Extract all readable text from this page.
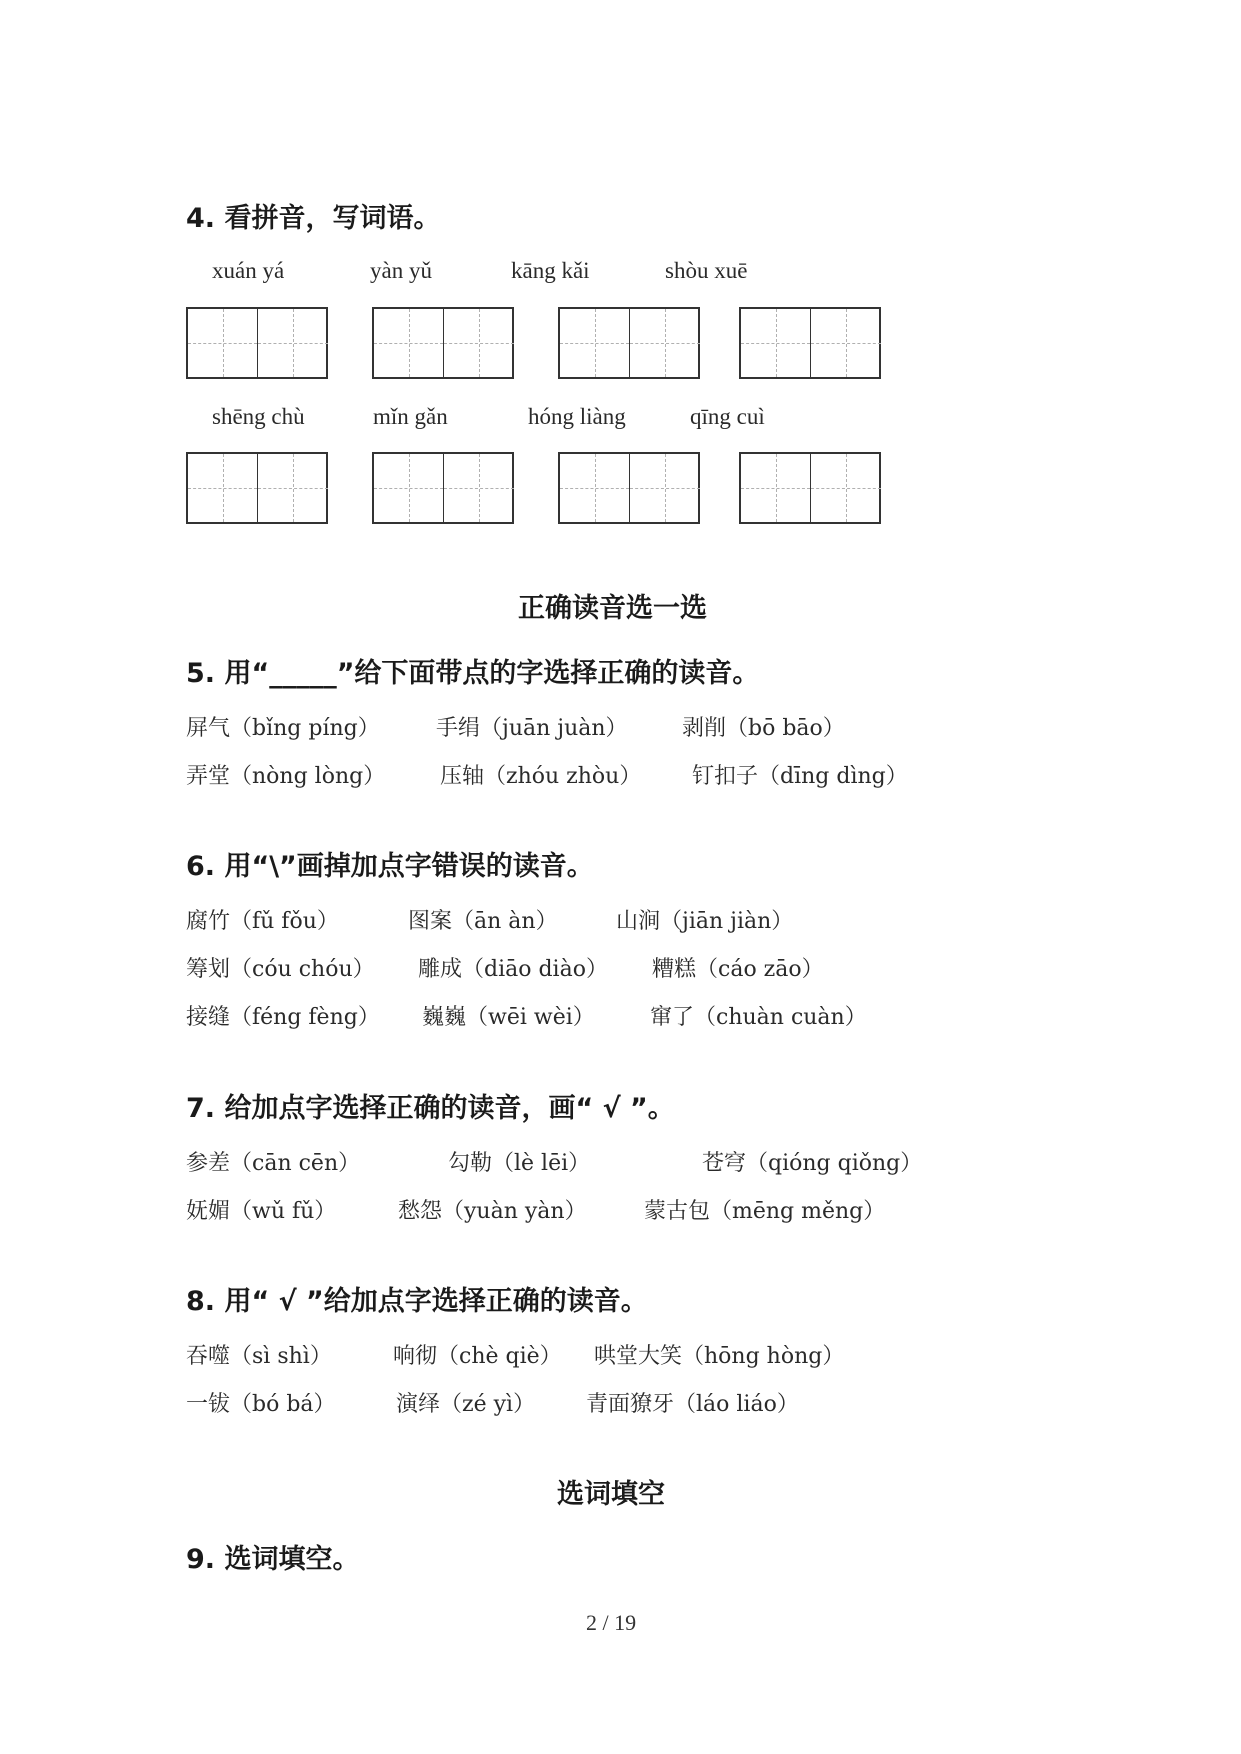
4. 看拼音，写词语。
xuán yá	yàn yǔ	kāng kǎi	shòu xuē
shēng chù	mǐn gǎn	hóng liàng	qīng cuì
正确读音选一选
5. 用“_____”给下面带点的字选择正确的读音。
屏气（bǐng píng）	手绢（juān juàn） 剥削（bō bāo）
弄堂（nòng lòng） 压轴（zhóu zhòu） 钉扣子（dīng dìng）
6. 用“\”画掉加点字错误的读音。
腐竹（fǔ fǒu）	图案（ān àn）	山涧（jiān jiàn）
筹划（cóu chóu） 雕成（diāo diào） 糟糕（cáo zāo）
接缝（féng fèng） 巍巍（wēi wèi）	窜了（chuàn cuàn）
7. 给加点字选择正确的读音，画“ √ ”。
参差（cān cēn）	勾勒（lè lēi）	苍穹（qióng qiǒng）
妩媚（wǔ fǔ）	愁怨（yuàn yàn）	蒙古包（mēng měng）
8. 用“ √ ”给加点字选择正确的读音。
吞噬（sì shì）	响彻（chè qiè） 哄堂大笑（hōng hòng）
一钹（bó bá）	演绎（zé yì） 青面獠牙（láo liáo）
选词填空
9. 选词填空。
2 / 19
